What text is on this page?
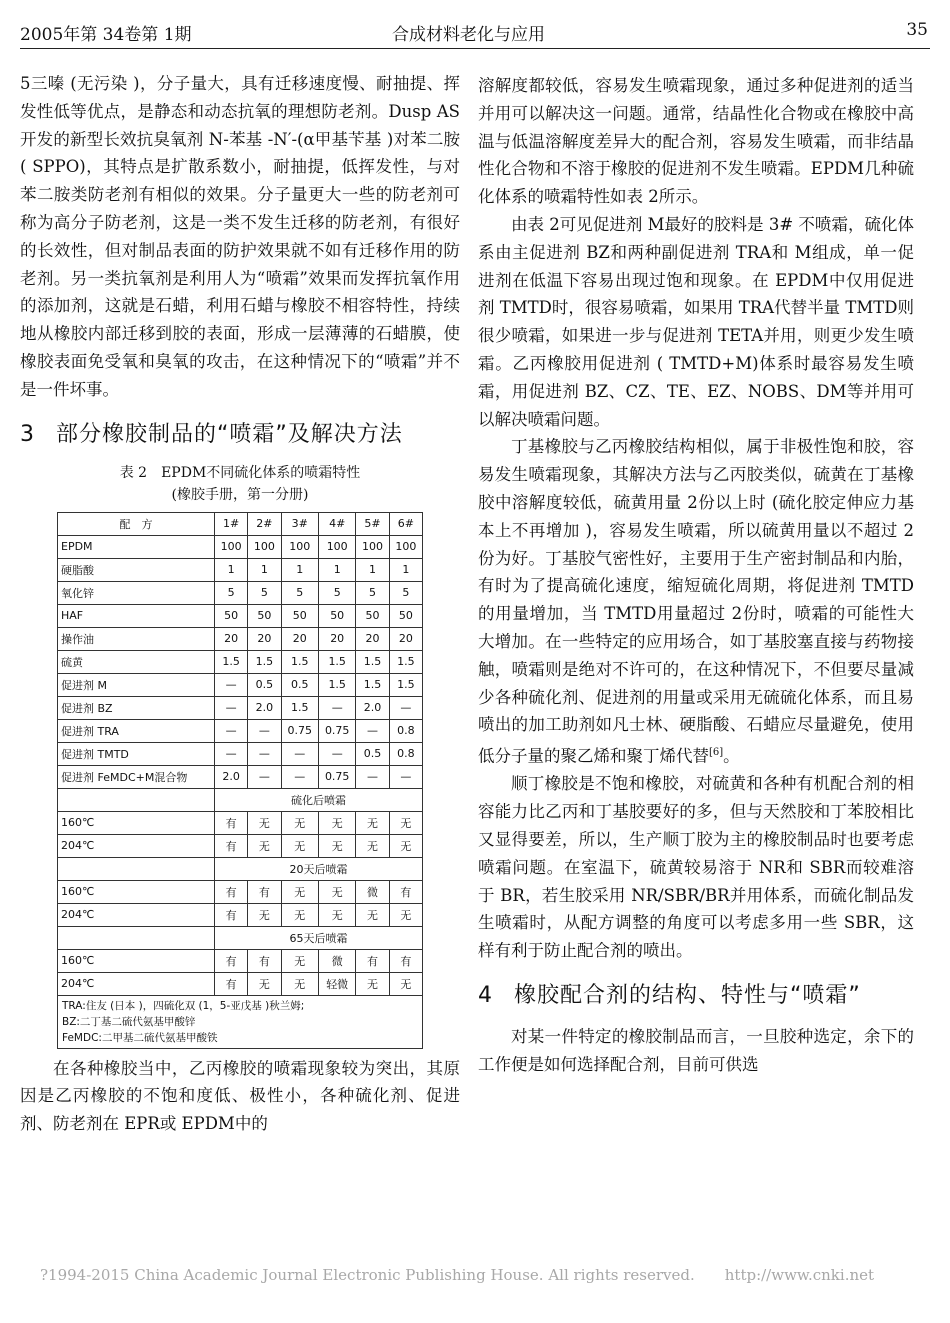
2005年第 34卷第 1期	合成材料老化与应用	35

5三嗪 (无污染 )，分子量大，具有迁移速度慢、耐抽提、挥发性低等优点，是静态和动态抗氧的理想防老剂。Dusp AS开发的新型长效抗臭氧剂 N-苯基 -N′-(α甲基苄基 )对苯二胺 ( SPPO)，其特点是扩散系数小，耐抽提，低挥发性，与对苯二胺类防老剂有相似的效果。分子量更大一些的防老剂可称为高分子防老剂，这是一类不发生迁移的防老剂，有很好的长效性，但对制品表面的防护效果就不如有迁移作用的防老剂。另一类抗氧剂是利用人为“喷霜”效果而发挥抗氧作用的添加剂，这就是石蜡，利用石蜡与橡胶不相容特性，持续地从橡胶内部迁移到胶的表面，形成一层薄薄的石蜡膜，使橡胶表面免受氧和臭氧的攻击，在这种情况下的“喷霜”并不是一件坏事。

3 部分橡胶制品的“喷霜”及解决方法

表 2　EPDM不同硫化体系的喷霜特性

(橡胶手册，第一分册)

配　方	1#	2#	3#	4#	5#	6#
EPDM	100	100	100	100	100	100
硬脂酸	1	1	1	1	1	1
氧化锌	5	5	5	5	5	5
HAF	50	50	50	50	50	50
操作油	20	20	20	20	20	20
硫黄	1.5	1.5	1.5	1.5	1.5	1.5
促进剂 M	—	0.5	0.5	1.5	1.5	1.5
促进剂 BZ	—	2.0	1.5	—	2.0	—
促进剂 TRA	—	—	0.75	0.75	—	0.8
促进剂 TMTD	—	—	—	—	0.5	0.8
促进剂 FeMDC+M混合物	2.0	—	—	0.75	—	—
	硫化后喷霜					
160℃	有	无	无	无	无	无
204℃	有	无	无	无	无	无
	20天后喷霜					
160℃	有	有	无	无	微	有
204℃	有	无	无	无	无	无
	65天后喷霜					
160℃	有	有	无	微	有	有
204℃	有	无	无	轻微	无	无

TRA:住友 (日本 )，四硫化双 (1，5-亚戊基 )秋兰姆;
BZ:二丁基二硫代氨基甲酸锌
FeMDC:二甲基二硫代氨基甲酸铁						

在各种橡胶当中，乙丙橡胶的喷霜现象较为突出，其原因是乙丙橡胶的不饱和度低、极性小，各种硫化剂、促进剂、防老剂在 EPR或 EPDM中的

溶解度都较低，容易发生喷霜现象，通过多种促进剂的适当并用可以解决这一问题。通常，结晶性化合物或在橡胶中高温与低温溶解度差异大的配合剂，容易发生喷霜，而非结晶性化合物和不溶于橡胶的促进剂不发生喷霜。EPDM几种硫化体系的喷霜特性如表 2所示。

由表 2可见促进剂 M最好的胶料是 3# 不喷霜，硫化体系由主促进剂 BZ和两种副促进剂 TRA和 M组成，单一促进剂在低温下容易出现过饱和现象。在 EPDM中仅用促进剂 TMTD时，很容易喷霜，如果用 TRA代替半量 TMTD则很少喷霜，如果进一步与促进剂 TETA并用，则更少发生喷霜。乙丙橡胶用促进剂 ( TMTD+M)体系时最容易发生喷霜，用促进剂 BZ、CZ、TE、EZ、NOBS、DM等并用可以解决喷霜问题。

丁基橡胶与乙丙橡胶结构相似，属于非极性饱和胶，容易发生喷霜现象，其解决方法与乙丙胶类似，硫黄在丁基橡胶中溶解度较低，硫黄用量 2份以上时 (硫化胶定伸应力基本上不再增加 )，容易发生喷霜，所以硫黄用量以不超过 2份为好。丁基胶气密性好，主要用于生产密封制品和内胎，有时为了提高硫化速度，缩短硫化周期，将促进剂 TMTD的用量增加，当 TMTD用量超过 2份时，喷霜的可能性大大增加。在一些特定的应用场合，如丁基胶塞直接与药物接触，喷霜则是绝对不许可的，在这种情况下，不但要尽量减少各种硫化剂、促进剂的用量或采用无硫硫化体系，而且易喷出的加工助剂如凡士林、硬脂酸、石蜡应尽量避免，使用低分子量的聚乙烯和聚丁烯代替[6]。

顺丁橡胶是不饱和橡胶，对硫黄和各种有机配合剂的相容能力比乙丙和丁基胶要好的多，但与天然胶和丁苯胶相比又显得要差，所以，生产顺丁胶为主的橡胶制品时也要考虑喷霜问题。在室温下，硫黄较易溶于 NR和 SBR而较难溶于 BR，若生胶采用 NR/SBR/BR并用体系，而硫化制品发生喷霜时，从配方调整的角度可以考虑多用一些 SBR，这样有利于防止配合剂的喷出。

4 橡胶配合剂的结构、特性与“喷霜”

对某一件特定的橡胶制品而言，一旦胶种选定，余下的工作便是如何选择配合剂，目前可供选

?1994-2015 China Academic Journal Electronic Publishing House. All rights reserved.　　http://www.cnki.net
